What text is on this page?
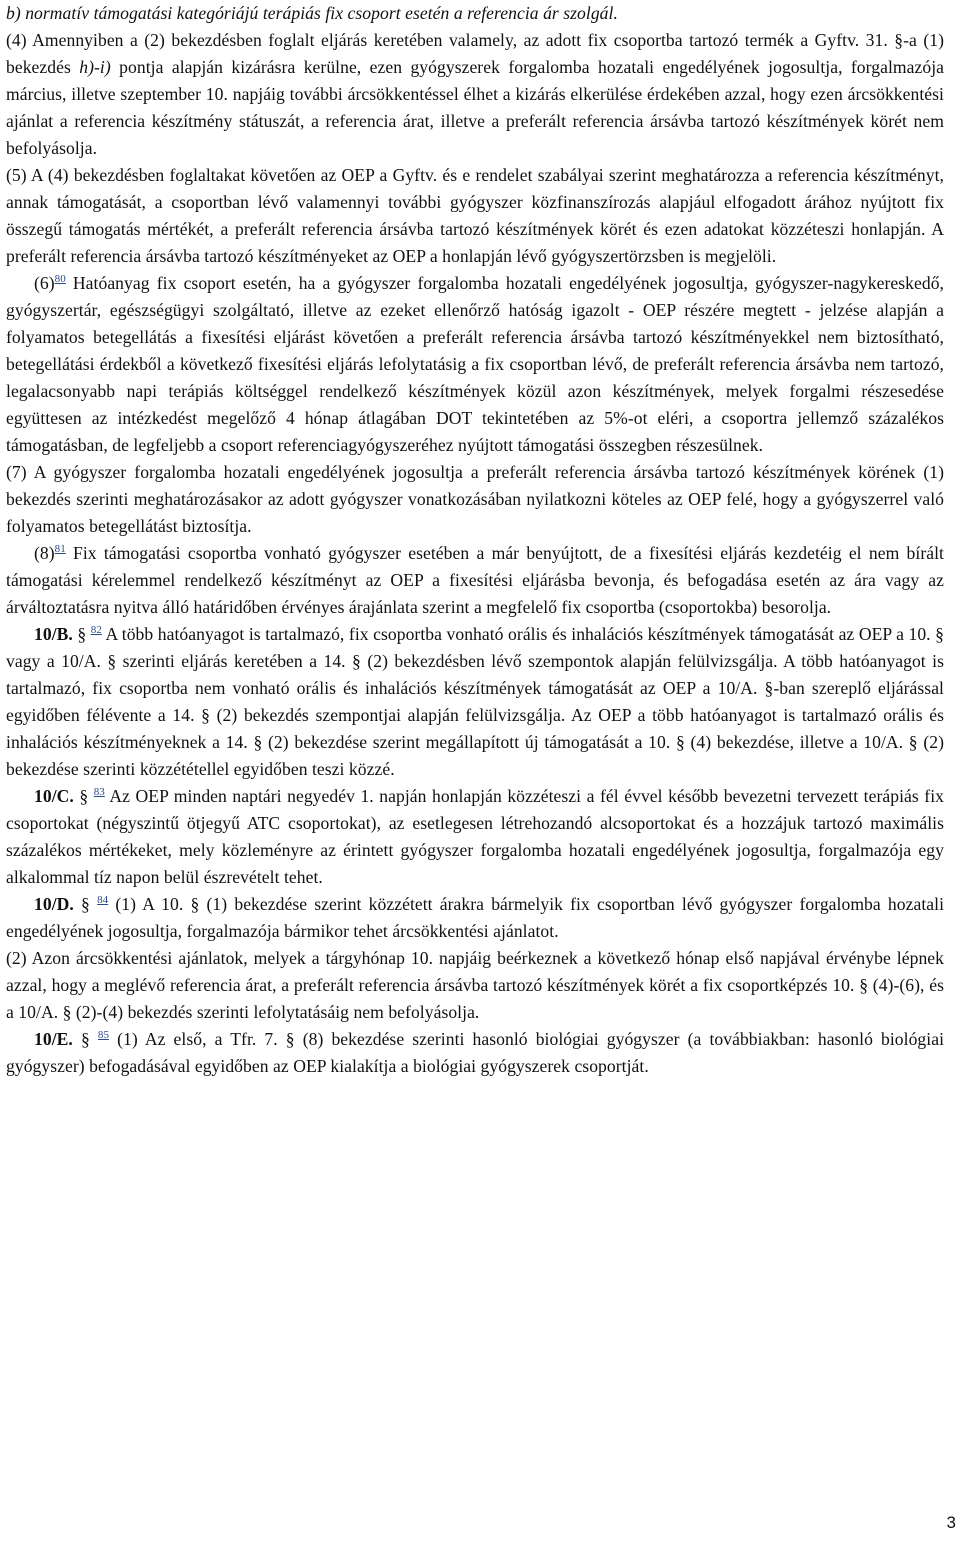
b) normatív támogatási kategóriájú terápiás fix csoport esetén a referencia ár szolgál.

(4) Amennyiben a (2) bekezdésben foglalt eljárás keretében valamely, az adott fix csoportba tartozó termék a Gyftv. 31. §-a (1) bekezdés h)-i) pontja alapján kizárásra kerülne, ezen gyógyszerek forgalomba hozatali engedélyének jogosultja, forgalmazója március, illetve szeptember 10. napjáig további árcsökkentéssel élhet a kizárás elkerülése érdekében azzal, hogy ezen árcsökkentési ajánlat a referencia készítmény státuszát, a referencia árat, illetve a preferált referencia ársávba tartozó készítmények körét nem befolyásolja.

(5) A (4) bekezdésben foglaltakat követően az OEP a Gyftv. és e rendelet szabályai szerint meghatározza a referencia készítményt, annak támogatását, a csoportban lévő valamennyi további gyógyszer közfinanszírozás alapjául elfogadott árához nyújtott fix összegű támogatás mértékét, a preferált referencia ársávba tartozó készítmények körét és ezen adatokat közzéteszi honlapján. A preferált referencia ársávba tartozó készítményeket az OEP a honlapján lévő gyógyszertörzsben is megjelöli.

(6)$^{80}$ Hatóanyag fix csoport esetén, ha a gyógyszer forgalomba hozatali engedélyének jogosultja, gyógyszer-nagykereskedő, gyógyszertár, egészségügyi szolgáltató, illetve az ezeket ellenőrző hatóság igazolt - OEP részére megtett - jelzése alapján a folyamatos betegellátás a fixesítési eljárást követően a preferált referencia ársávba tartozó készítményekkel nem biztosítható, betegellátási érdekből a következő fixesítési eljárás lefolytatásig a fix csoportban lévő, de preferált referencia ársávba nem tartozó, legalacsonyabb napi terápiás költséggel rendelkező készítmények közül azon készítmények, melyek forgalmi részesedése együttesen az intézkedést megelőző 4 hónap átlagában DOT tekintetében az 5%-ot eléri, a csoportra jellemző százalékos támogatásban, de legfeljebb a csoport referenciagyógyszeréhez nyújtott támogatási összegben részesülnek.

(7) A gyógyszer forgalomba hozatali engedélyének jogosultja a preferált referencia ársávba tartozó készítmények körének (1) bekezdés szerinti meghatározásakor az adott gyógyszer vonatkozásában nyilatkozni köteles az OEP felé, hogy a gyógyszerrel való folyamatos betegellátást biztosítja.

(8)$^{81}$ Fix támogatási csoportba vonható gyógyszer esetében a már benyújtott, de a fixesítési eljárás kezdetéig el nem bírált támogatási kérelemmel rendelkező készítményt az OEP a fixesítési eljárásba bevonja, és befogadása esetén az ára vagy az árváltoztatásra nyitva álló határidőben érvényes árajánlata szerint a megfelelő fix csoportba (csoportokba) besorolja.

10/B. § $^{82}$ A több hatóanyagot is tartalmazó, fix csoportba vonható orális és inhalációs készítmények támogatását az OEP a 10. § vagy a 10/A. § szerinti eljárás keretében a 14. § (2) bekezdésben lévő szempontok alapján felülvizsgálja. A több hatóanyagot is tartalmazó, fix csoportba nem vonható orális és inhalációs készítmények támogatását az OEP a 10/A. §-ban szereplő eljárással egyidőben félévente a 14. § (2) bekezdés szempontjai alapján felülvizsgálja. Az OEP a több hatóanyagot is tartalmazó orális és inhalációs készítményeknek a 14. § (2) bekezdése szerint megállapított új támogatását a 10. § (4) bekezdése, illetve a 10/A. § (2) bekezdése szerinti közzététellel egyidőben teszi közzé.

10/C. § $^{83}$ Az OEP minden naptári negyedév 1. napján honlapján közzéteszi a fél évvel később bevezetni tervezett terápiás fix csoportokat (négyszintű ötjegyű ATC csoportokat), az esetlegesen létrehozandó alcsoportokat és a hozzájuk tartozó maximális százalékos mértékeket, mely közleményre az érintett gyógyszer forgalomba hozatali engedélyének jogosultja, forgalmazója egy alkalommal tíz napon belül észrevételt tehet.

10/D. § $^{84}$ (1) A 10. § (1) bekezdése szerint közzétett árakra bármelyik fix csoportban lévő gyógyszer forgalomba hozatali engedélyének jogosultja, forgalmazója bármikor tehet árcsökkentési ajánlatot.

(2) Azon árcsökkentési ajánlatok, melyek a tárgyhónap 10. napjáig beérkeznek a következő hónap első napjával érvénybe lépnek azzal, hogy a meglévő referencia árat, a preferált referencia ársávba tartozó készítmények körét a fix csoportképzés 10. § (4)-(6), és a 10/A. § (2)-(4) bekezdés szerinti lefolytatásáig nem befolyásolja.

10/E. § $^{85}$ (1) Az első, a Tfr. 7. § (8) bekezdése szerinti hasonló biológiai gyógyszer (a továbbiakban: hasonló biológiai gyógyszer) befogadásával egyidőben az OEP kialakítja a biológiai gyógyszerek csoportját.

3
